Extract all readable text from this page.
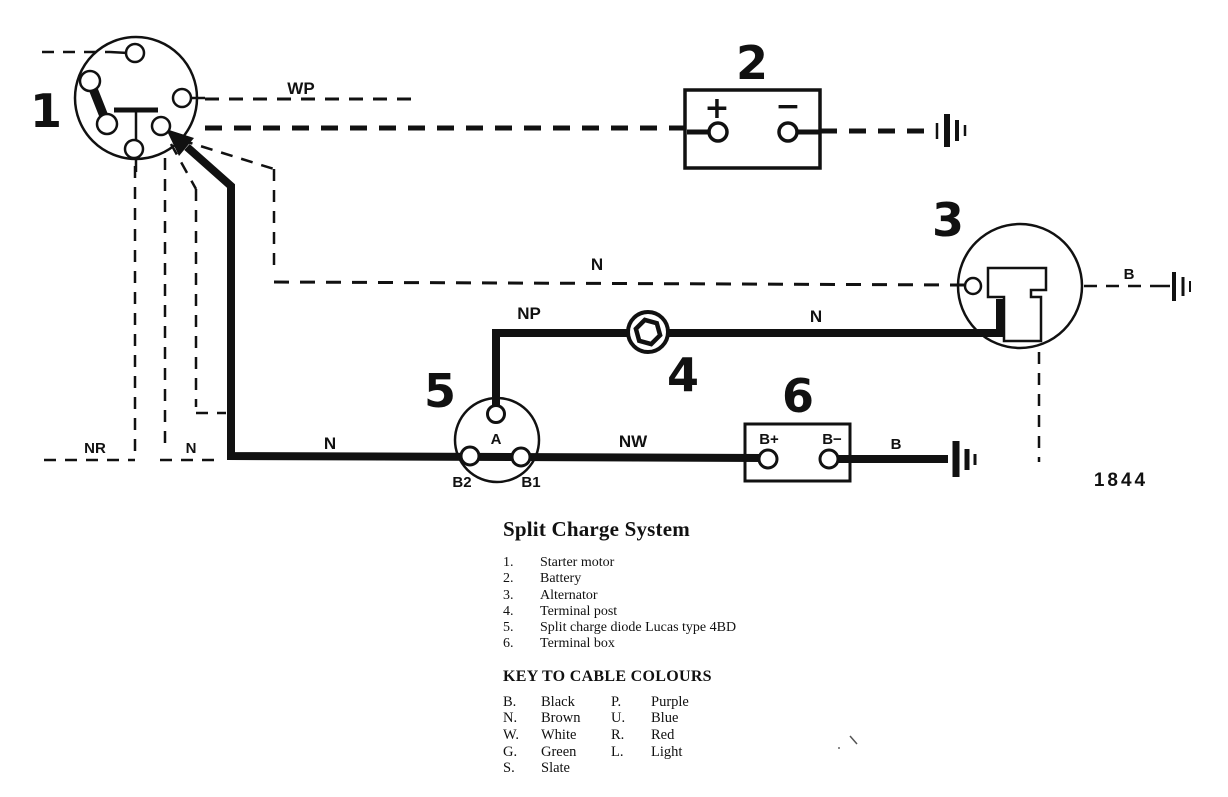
1
2
3
4
5	6
WP
N
NP	N
NR	N	N	NW	B
B
+ −
A
B2	B1
B+	B−
1844
Split Charge System
1.	Starter motor
2.	Battery
3.	Alternator
4.	Terminal post
5.	Split charge diode Lucas type 4BD
6.	Terminal box
KEY TO CABLE COLOURS
B.	Black	P.	Purple
N.	Brown	U.	Blue
W.	White	R.	Red
G.	Green	L.	Light
S.	Slate
